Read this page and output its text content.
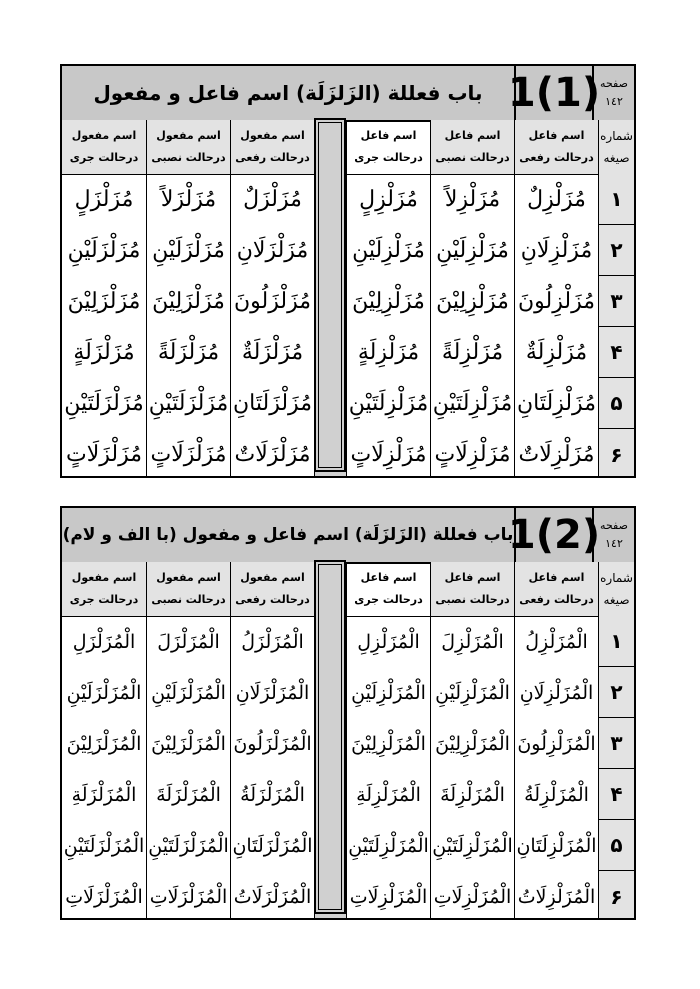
باب فعللة (الزَلزَلَة) اسم فاعل و مفعول (1)1 صفحه
١٤٢
اسم مفعول
درحالت جری
اسم مفعول
درحالت نصبی
اسم مفعول
درحالت رفعی
اسم فاعل
درحالت جری
اسم فاعل
درحالت نصبی
اسم فاعل
درحالت رفعی
شماره
صیغه
مُزَلْزَلٍ
مُزَلْزَلَيْنِ
مُزَلْزَلِيْنَ
مُزَلْزَلَةٍ
مُزَلْزَلَتَيْنِ
مُزَلْزَلَاتٍ
مُزَلْزَلاً
مُزَلْزَلَيْنِ
مُزَلْزَلِيْنَ
مُزَلْزَلَةً
مُزَلْزَلَتَيْنِ
مُزَلْزَلَاتٍ
مُزَلْزَلٌ
مُزَلْزَلَانِ
مُزَلْزَلُونَ
مُزَلْزَلَةٌ
مُزَلْزَلَتَانِ
مُزَلْزَلَاتٌ
مُزَلْزِلٍ
مُزَلْزِلَيْنِ
مُزَلْزِلِيْنَ
مُزَلْزِلَةٍ
مُزَلْزِلَتَيْنِ
مُزَلْزِلَاتٍ
مُزَلْزِلاً
مُزَلْزِلَيْنِ
مُزَلْزِلِيْنَ
مُزَلْزِلَةً
مُزَلْزِلَتَيْنِ
مُزَلْزِلَاتٍ
مُزَلْزِلٌ
مُزَلْزِلَانِ
مُزَلْزِلُونَ
مُزَلْزِلَةٌ
مُزَلْزِلَتَانِ
مُزَلْزِلَاتٌ
۱
۲
۳
۴
۵
۶
باب فعللة (الزَلزَلَة) اسم فاعل و مفعول (با الف و لام)
(2)1 صفحه
١٤٢
اسم مفعول
درحالت جری
اسم مفعول
درحالت نصبی
اسم مفعول
درحالت رفعی
اسم فاعل
درحالت جری
اسم فاعل
درحالت نصبی
اسم فاعل
درحالت رفعی
شماره
صیغه
الْمُزَلْزَلِ
الْمُزَلْزَلَيْنِ
الْمُزَلْزَلِيْنَ
الْمُزَلْزَلَةِ
الْمُزَلْزَلَتَيْنِ
الْمُزَلْزَلَاتِ
الْمُزَلْزَلَ
الْمُزَلْزَلَيْنِ
الْمُزَلْزَلِيْنَ
الْمُزَلْزَلَةَ
الْمُزَلْزَلَتَيْنِ
الْمُزَلْزَلَاتِ
الْمُزَلْزَلُ
الْمُزَلْزَلَانِ
الْمُزَلْزَلُونَ
الْمُزَلْزَلَةُ
الْمُزَلْزَلَتَانِ
الْمُزَلْزَلَاتُ
الْمُزَلْزِلِ
الْمُزَلْزِلَيْنِ
الْمُزَلْزِلِيْنَ
الْمُزَلْزِلَةِ
الْمُزَلْزِلَتَيْنِ
الْمُزَلْزِلَاتِ
الْمُزَلْزِلَ
الْمُزَلْزِلَيْنِ
الْمُزَلْزِلِيْنَ
الْمُزَلْزِلَةَ
الْمُزَلْزِلَتَيْنِ
الْمُزَلْزِلَاتِ
الْمُزَلْزِلُ
الْمُزَلْزِلَانِ
الْمُزَلْزِلُونَ
الْمُزَلْزِلَةُ
الْمُزَلْزِلَتَانِ
الْمُزَلْزِلَاتُ
۱
۲
۳
۴
۵
۶
